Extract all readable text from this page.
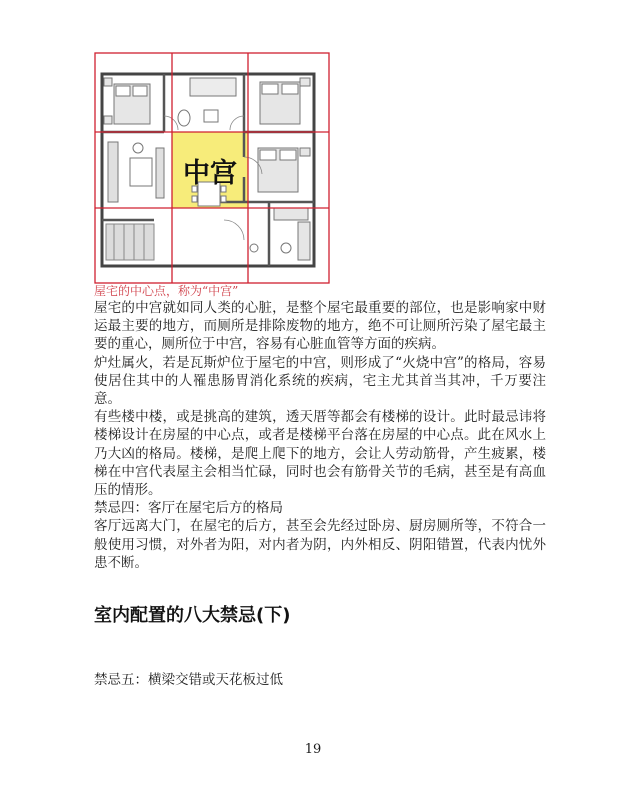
中宫
屋宅的中心点，称为“中宫”

屋宅的中宫就如同人类的心脏，是整个屋宅最重要的部位，也是影响家中财运最主要的地方，而厕所是排除废物的地方，绝不可让厕所污染了屋宅最主要的重心，厕所位于中宫，容易有心脏血管等方面的疾病。

炉灶属火，若是瓦斯炉位于屋宅的中宫，则形成了“火烧中宫”的格局，容易使居住其中的人罹患肠胃消化系统的疾病，宅主尤其首当其冲，千万要注意。

有些楼中楼，或是挑高的建筑，透天厝等都会有楼梯的设计。此时最忌讳将楼梯设计在房屋的中心点，或者是楼梯平台落在房屋的中心点。此在风水上乃大凶的格局。楼梯，是爬上爬下的地方，会让人劳动筋骨，产生疲累，楼梯在中宫代表屋主会相当忙碌，同时也会有筋骨关节的毛病，甚至是有高血压的情形。

禁忌四：客厅在屋宅后方的格局

客厅远离大门，在屋宅的后方，甚至会先经过卧房、厨房厕所等，不符合一般使用习惯，对外者为阳，对内者为阴，内外相反、阴阳错置，代表内忧外患不断。

室内配置的八大禁忌(下)
禁忌五：横梁交错或天花板过低
19
